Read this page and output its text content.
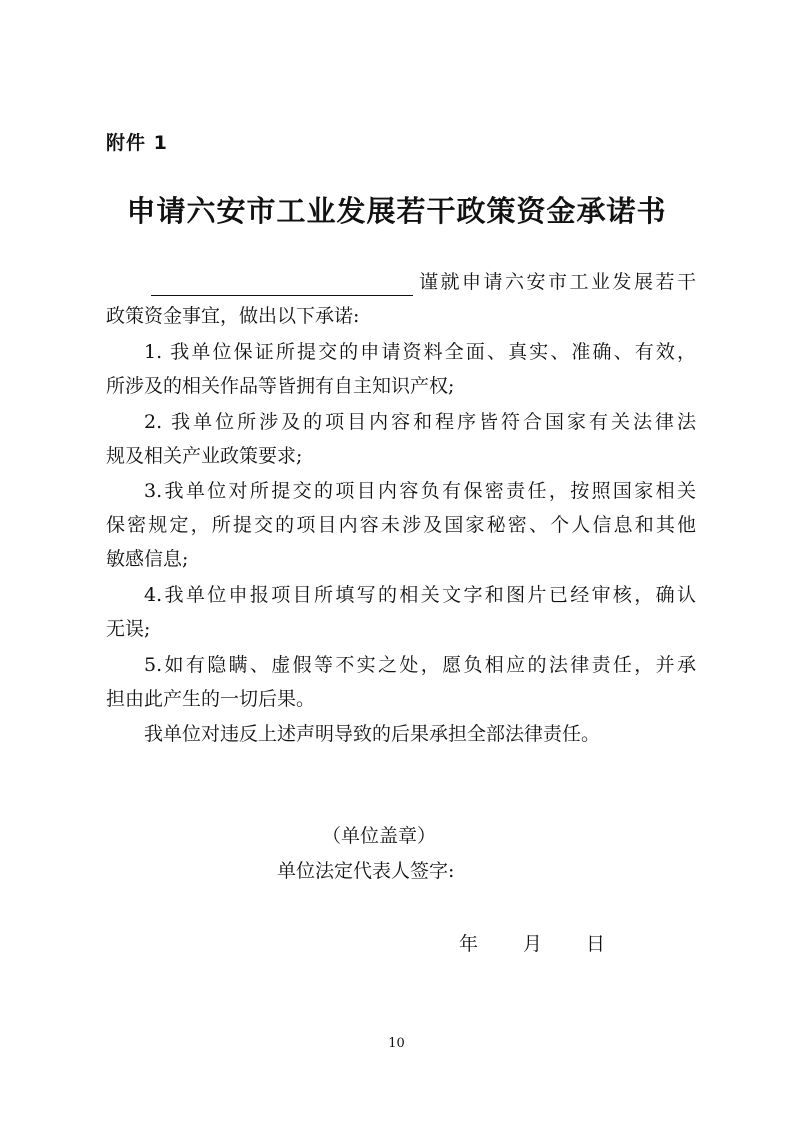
附件 1
申请六安市工业发展若干政策资金承诺书
谨就申请六安市工业发展若干
政策资金事宜，做出以下承诺:
1. 我单位保证所提交的申请资料全面、真实、准确、有效，
所涉及的相关作品等皆拥有自主知识产权;
2. 我单位所涉及的项目内容和程序皆符合国家有关法律法
规及相关产业政策要求;
3.我单位对所提交的项目内容负有保密责任，按照国家相关
保密规定，所提交的项目内容未涉及国家秘密、个人信息和其他
敏感信息;
4.我单位申报项目所填写的相关文字和图片已经审核，确认
无误;
5.如有隐瞒、虚假等不实之处，愿负相应的法律责任，并承
担由此产生的一切后果。
我单位对违反上述声明导致的后果承担全部法律责任。
（单位盖章）
单位法定代表人签字:
年 月 日
10
